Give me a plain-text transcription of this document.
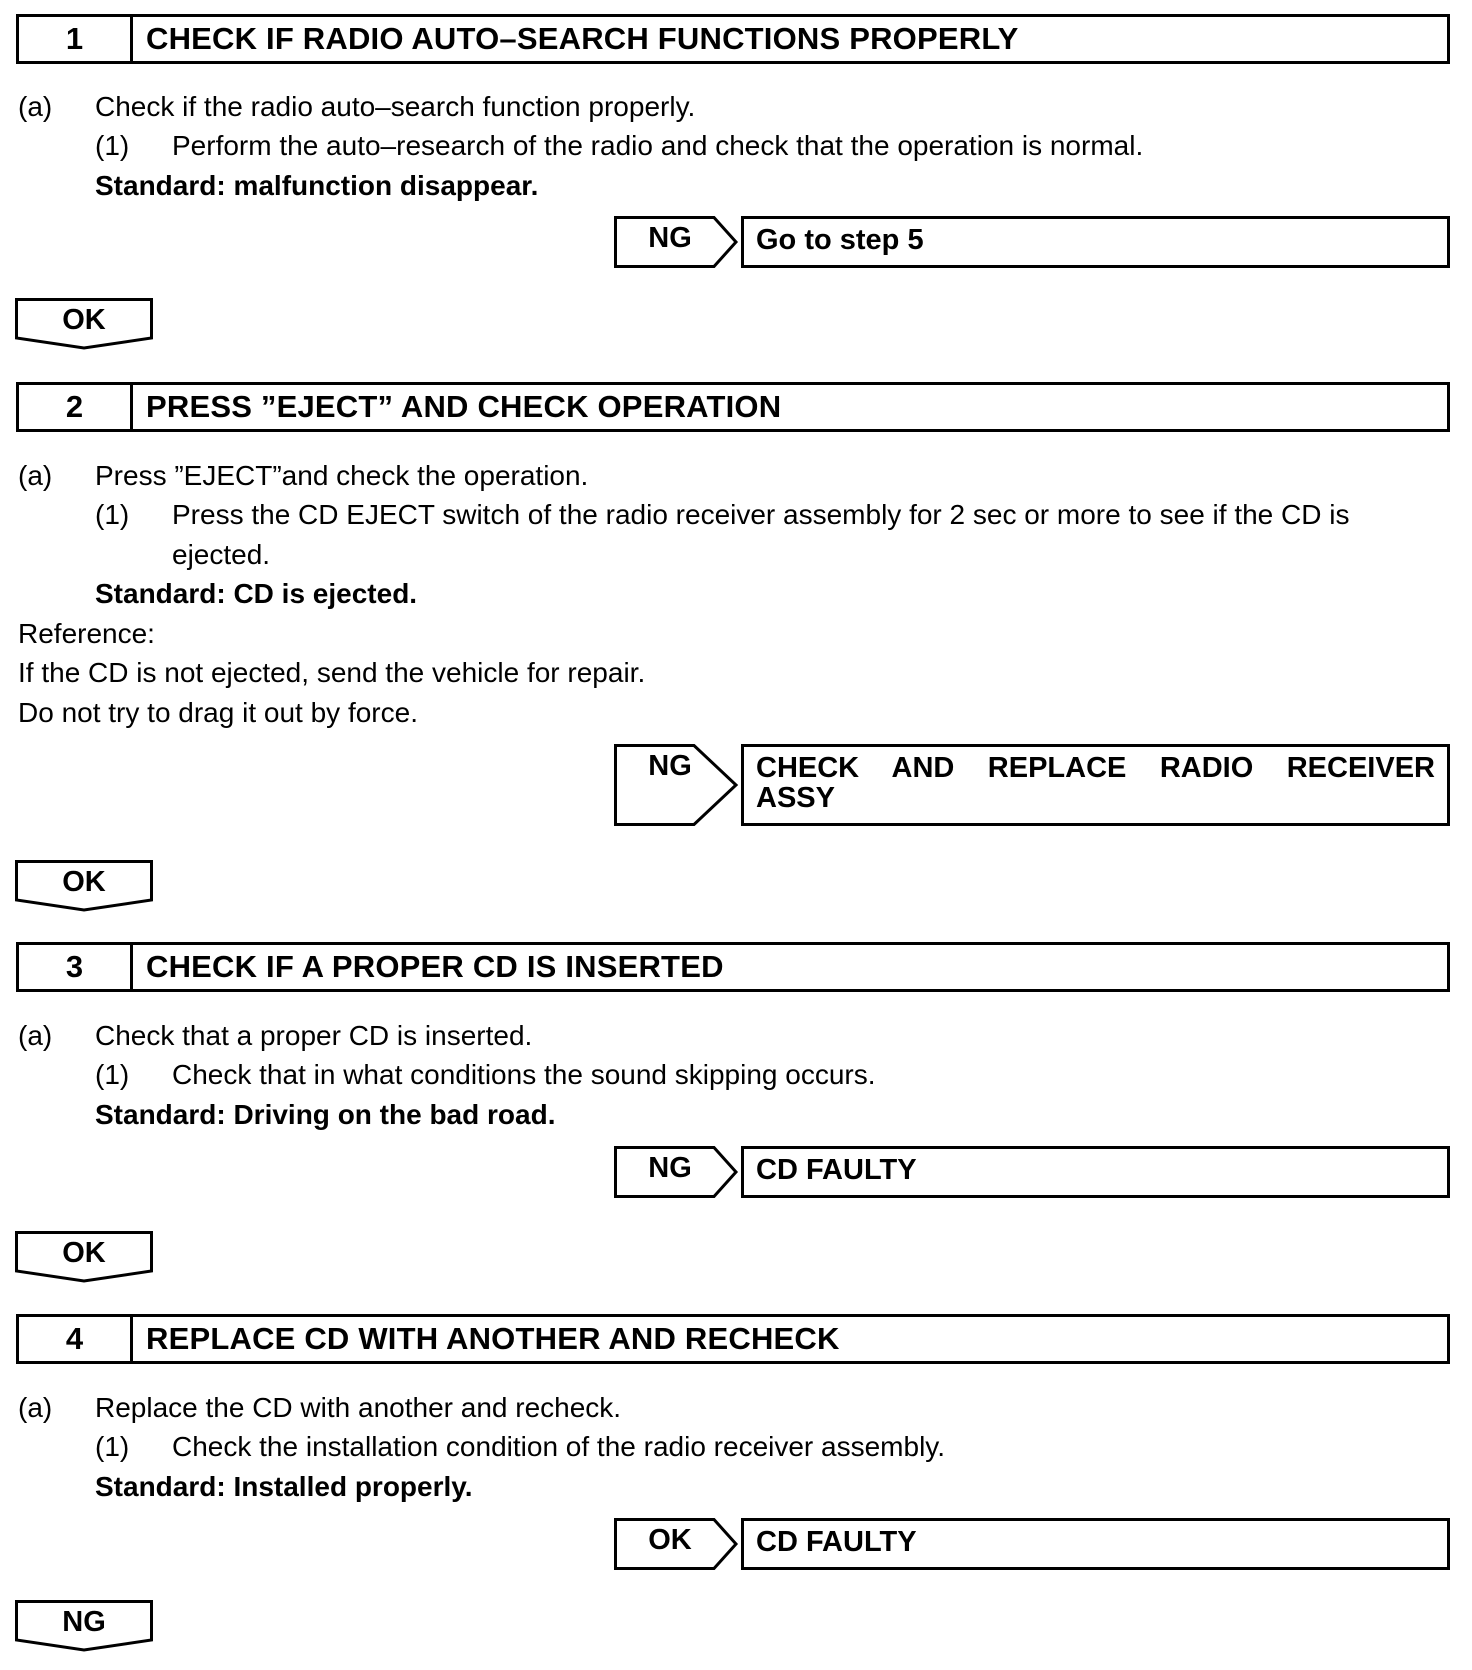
1	CHECK IF RADIO AUTO–SEARCH FUNCTIONS PROPERLY
(a) Check if the radio auto–search function properly.
(1) Perform the auto–research of the radio and check that the operation is normal.
Standard: malfunction disappear.
NG	Go to step 5
OK
2	PRESS ”EJECT” AND CHECK OPERATION
(a) Press ”EJECT”and check the operation.
(1) Press the CD EJECT switch of the radio receiver assembly for 2 sec or more to see if the CD is
ejected.
Standard: CD is ejected.
Reference:
If the CD is not ejected, send the vehicle for repair.
Do not try to drag it out by force.
NG	CHECK AND REPLACE RADIO RECEIVER ASSY
OK
3	CHECK IF A PROPER CD IS INSERTED
(a) Check that a proper CD is inserted.
(1) Check that in what conditions the sound skipping occurs.
Standard: Driving on the bad road.
NG	CD FAULTY
OK
4	REPLACE CD WITH ANOTHER AND RECHECK
(a) Replace the CD with another and recheck.
(1) Check the installation condition of the radio receiver assembly.
Standard: Installed properly.
OK	CD FAULTY
NG
